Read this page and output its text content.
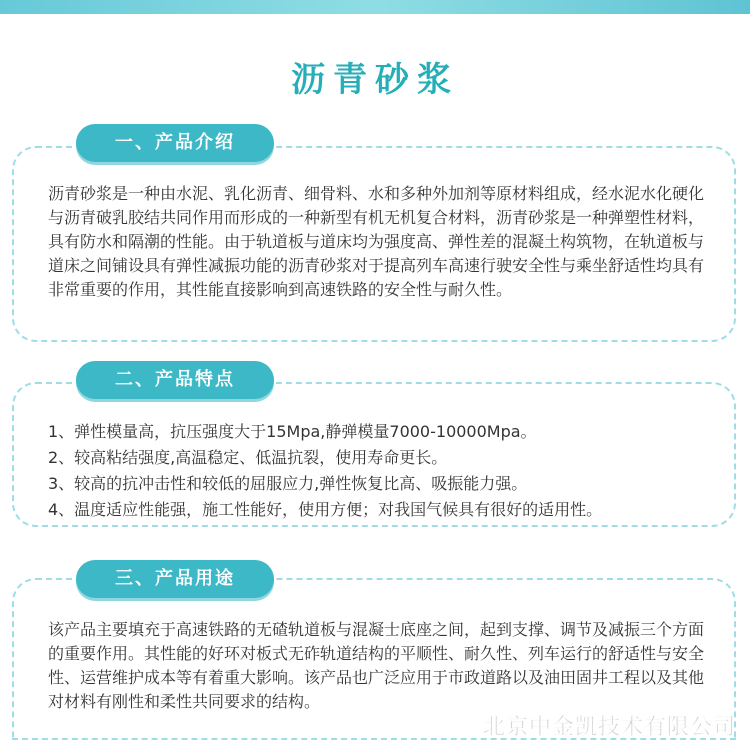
沥青砂浆
一、产品介绍

沥青砂浆是一种由水泥、乳化沥青、细骨料、水和多种外加剂等原材料组成，经水泥水化硬化与沥青破乳胶结共同作用而形成的一种新型有机无机复合材料，沥青砂浆是一种弹塑性材料，具有防水和隔潮的性能。由于轨道板与道床均为强度高、弹性差的混凝土构筑物，在轨道板与道床之间铺设具有弹性减振功能的沥青砂浆对于提高列车高速行驶安全性与乘坐舒适性均具有非常重要的作用，其性能直接影响到高速铁路的安全性与耐久性。

二、产品特点
1、弹性模量高，抗压强度大于15Mpa,静弹模量7000-10000Mpa。
2、较高粘结强度,高温稳定、低温抗裂，使用寿命更长。
3、较高的抗冲击性和较低的屈服应力,弹性恢复比高、吸振能力强。
4、温度适应性能强，施工性能好，使用方便；对我国气候具有很好的适用性。
三、产品用途

该产品主要填充于高速铁路的无碴轨道板与混凝士底座之间，起到支撑、调节及减振三个方面的重要作用。其性能的好环对板式无砟轨道结构的平顺性、耐久性、列车运行的舒适性与安全性、运营维护成本等有着重大影响。该产品也广泛应用于市政道路以及油田固井工程以及其他对材料有刚性和柔性共同要求的结构。

北京中金凯技术有限公司
